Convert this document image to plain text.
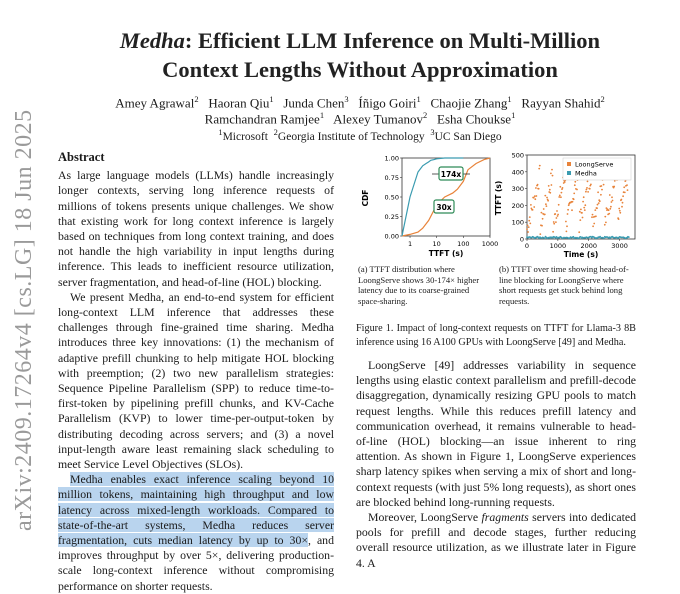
arXiv:2409.17264v4 [cs.LG] 18 Jun 2025
Medha: Efficient LLM Inference on Multi-Million
Context Lengths Without Approximation
Amey Agrawal$^2$  Haoran Qiu$^1$  Junda Chen$^3$  Íñigo Goiri$^1$  Chaojie Zhang$^1$  Rayyan Shahid$^2$
Ramchandran Ramjee$^1$  Alexey Tumanov$^2$  Esha Choukse$^1$
$^1$Microsoft  $^2$Georgia Institute of Technology  $^3$UC San Diego
Abstract

As large language models (LLMs) handle increasingly longer contexts, serving long inference requests of millions of tokens presents unique challenges. We show that existing work for long context inference is largely based on techniques from long context training, and does not handle the high variability in input lengths during inference. This leads to inefficient resource utilization, server fragmentation, and head-of-line (HOL) blocking.

We present Medha, an end-to-end system for efficient long-context LLM inference that addresses these challenges through fine-grained time sharing. Medha introduces three key innovations: (1) the mechanism of adaptive prefill chunking to help mitigate HOL blocking with preemption; (2) two new parallelism strategies: Sequence Pipeline Parallelism (SPP) to reduce time-to-first-token by pipelining prefill chunks, and KV-Cache Parallelism (KVP) to lower time-per-output-token by distributing decoding across servers; and (3) a novel input-length aware least remaining slack scheduling to meet Service Level Objectives (SLOs).

Medha enables exact inference scaling beyond 10 million tokens, maintaining high throughput and low latency across mixed-length workloads. Compared to state-of-the-art systems, Medha reduces server fragmentation, cuts median latency by up to 30×, and improves throughput by over 5×, delivering production-scale long-context inference without compromising performance on shorter requests.

CDF
0.00
0.25
0.50
0.75
1.00
1	10	100 1000
TTFT (s)
174x
30x	TTFT (s)
0
100
200
300
400
500
LoongServe
Medha
0	1000 2000 3000
Time (s)
(a) TTFT distribution where LoongServe shows 30-174× higher latency due to its coarse-grained space-sharing.
(b) TTFT over time showing head-of-line blocking for LoongServe where short requests get stuck behind long requests.
Figure 1. Impact of long-context requests on TTFT for Llama-3 8B inference using 16 A100 GPUs with LoongServe [49] and Medha.

LoongServe [49] addresses variability in sequence lengths using elastic context parallelism and prefill-decode disaggregation, dynamically resizing GPU pools to match request lengths. While this reduces prefill latency and communication overhead, it remains vulnerable to head-of-line (HOL) blocking—an issue inherent to ring attention. As shown in Figure 1, LoongServe experiences sharp latency spikes when serving a mix of short and long-context requests (with just 5% long requests), as short ones are blocked behind long-running requests.

Moreover, LoongServe fragments servers into dedicated pools for prefill and decode stages, further reducing overall resource utilization, as we illustrate later in Figure 4. A
